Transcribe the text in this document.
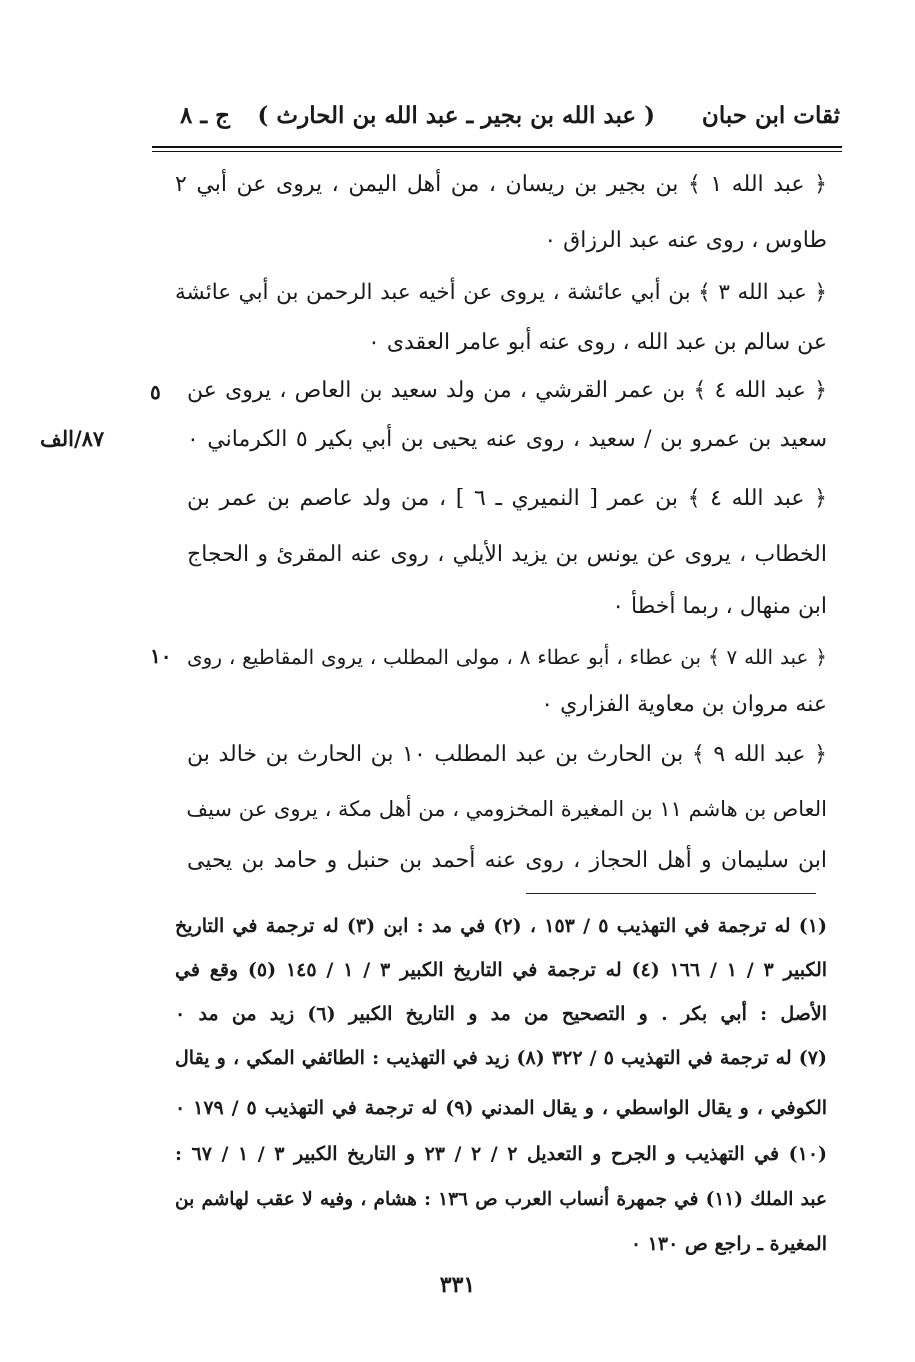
ثقات ابن حبان
( عبد الله بن بجير ـ عبد الله بن الحارث )
ج ـ ٨
﴿ عبد الله ١ ﴾ بن بجير بن ريسان ، من أهل اليمن ، يروى عن أبي ٢
طاوس ، روى عنه عبد الرزاق ٠
﴿ عبد الله ٣ ﴾ بن أبي عائشة ، يروى عن أخيه عبد الرحمن بن أبي عائشة
عن سالم بن عبد الله ، روى عنه أبو عامر العقدى ٠
﴿ عبد الله ٤ ﴾ بن عمر القرشي ، من ولد سعيد بن العاص ، يروى عن
٥
سعيد بن عمرو بن / سعيد ، روى عنه يحيى بن أبي بكير ٥ الكرماني ٠
٨٧/الف
﴿ عبد الله ٤ ﴾ بن عمر [ النميري ـ ٦ ] ، من ولد عاصم بن عمر بن
الخطاب ، يروى عن يونس بن يزيد الأيلي ، روى عنه المقرئ و الحجاج
ابن منهال ، ربما أخطأ ٠
﴿ عبد الله ٧ ﴾ بن عطاء ، أبو عطاء ٨ ، مولى المطلب ، يروى المقاطيع ، روى
١٠
عنه مروان بن معاوية الفزاري ٠
﴿ عبد الله ٩ ﴾ بن الحارث بن عبد المطلب ١٠ بن الحارث بن خالد بن
العاص بن هاشم ١١ بن المغيرة المخزومي ، من أهل مكة ، يروى عن سيف
ابن سليمان و أهل الحجاز ، روى عنه أحمد بن حنبل و حامد بن يحيى
(١) له ترجمة في التهذيب ٥ / ١٥٣ ، (٢) في مد : ابن (٣) له ترجمة في التاريخ
الكبير ٣ / ١ / ١٦٦ (٤) له ترجمة في التاريخ الكبير ٣ / ١ / ١٤٥ (٥) وقع في
الأصل : أبي بكر . و التصحيح من مد و التاريخ الكبير (٦) زيد من مد ٠
(٧) له ترجمة في التهذيب ٥ / ٣٢٢ (٨) زيد في التهذيب : الطائفي المكي ، و يقال
الكوفي ، و يقال الواسطي ، و يقال المدني (٩) له ترجمة في التهذيب ٥ / ١٧٩ ٠
(١٠) في التهذيب و الجرح و التعديل ٢ / ٢ / ٢٣ و التاريخ الكبير ٣ / ١ / ٦٧ :
عبد الملك (١١) في جمهرة أنساب العرب ص ١٣٦ : هشام ، وفيه لا عقب لهاشم بن
المغيرة ـ راجع ص ١٣٠ ٠
٣٣١
